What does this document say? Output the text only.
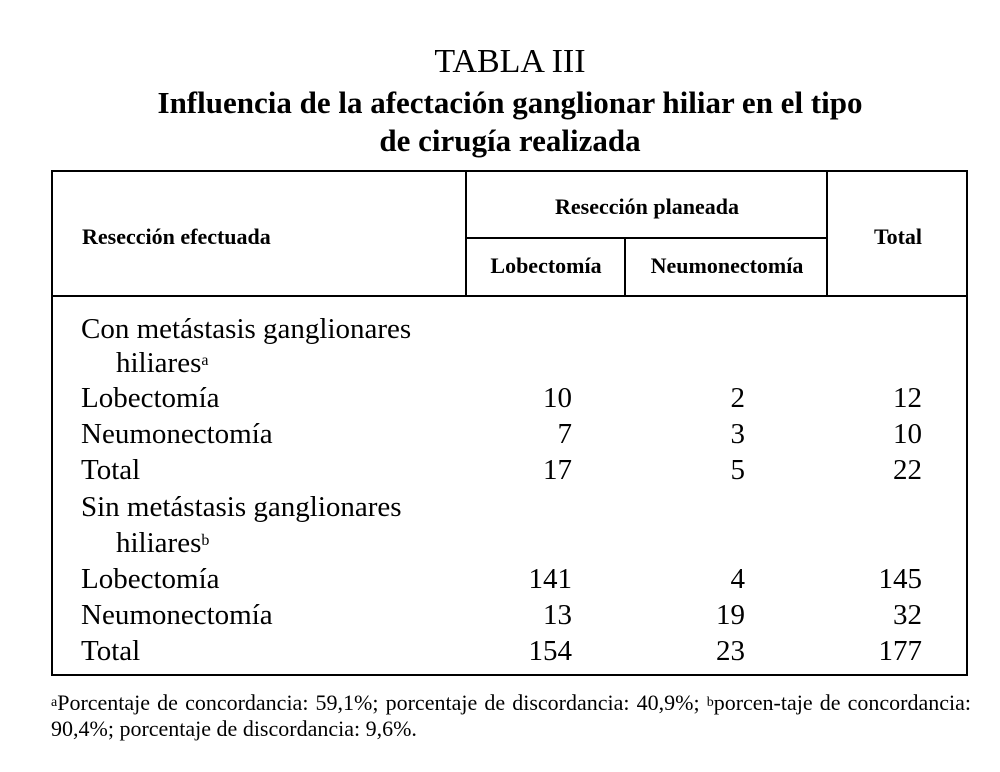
TABLA III
Influencia de la afectación ganglionar hiliar en el tipo
de cirugía realizada
Resección efectuada
Resección planeada
Lobectomía	Neumonectomía
Total
Con metástasis ganglionares
hiliares$^a$
Lobectomía	10	2	12
Neumonectomía	7	3	10
Total	17	5	22
Sin metástasis ganglionares
hiliares$^b$
Lobectomía	141	4	145
Neumonectomía	13	19	32
Total	154	23	177
$^a$Porcentaje de concordancia: 59,1%; porcentaje de discordancia: 40,9%; $^b$porcen-taje de concordancia: 90,4%; porcentaje de discordancia: 9,6%.
